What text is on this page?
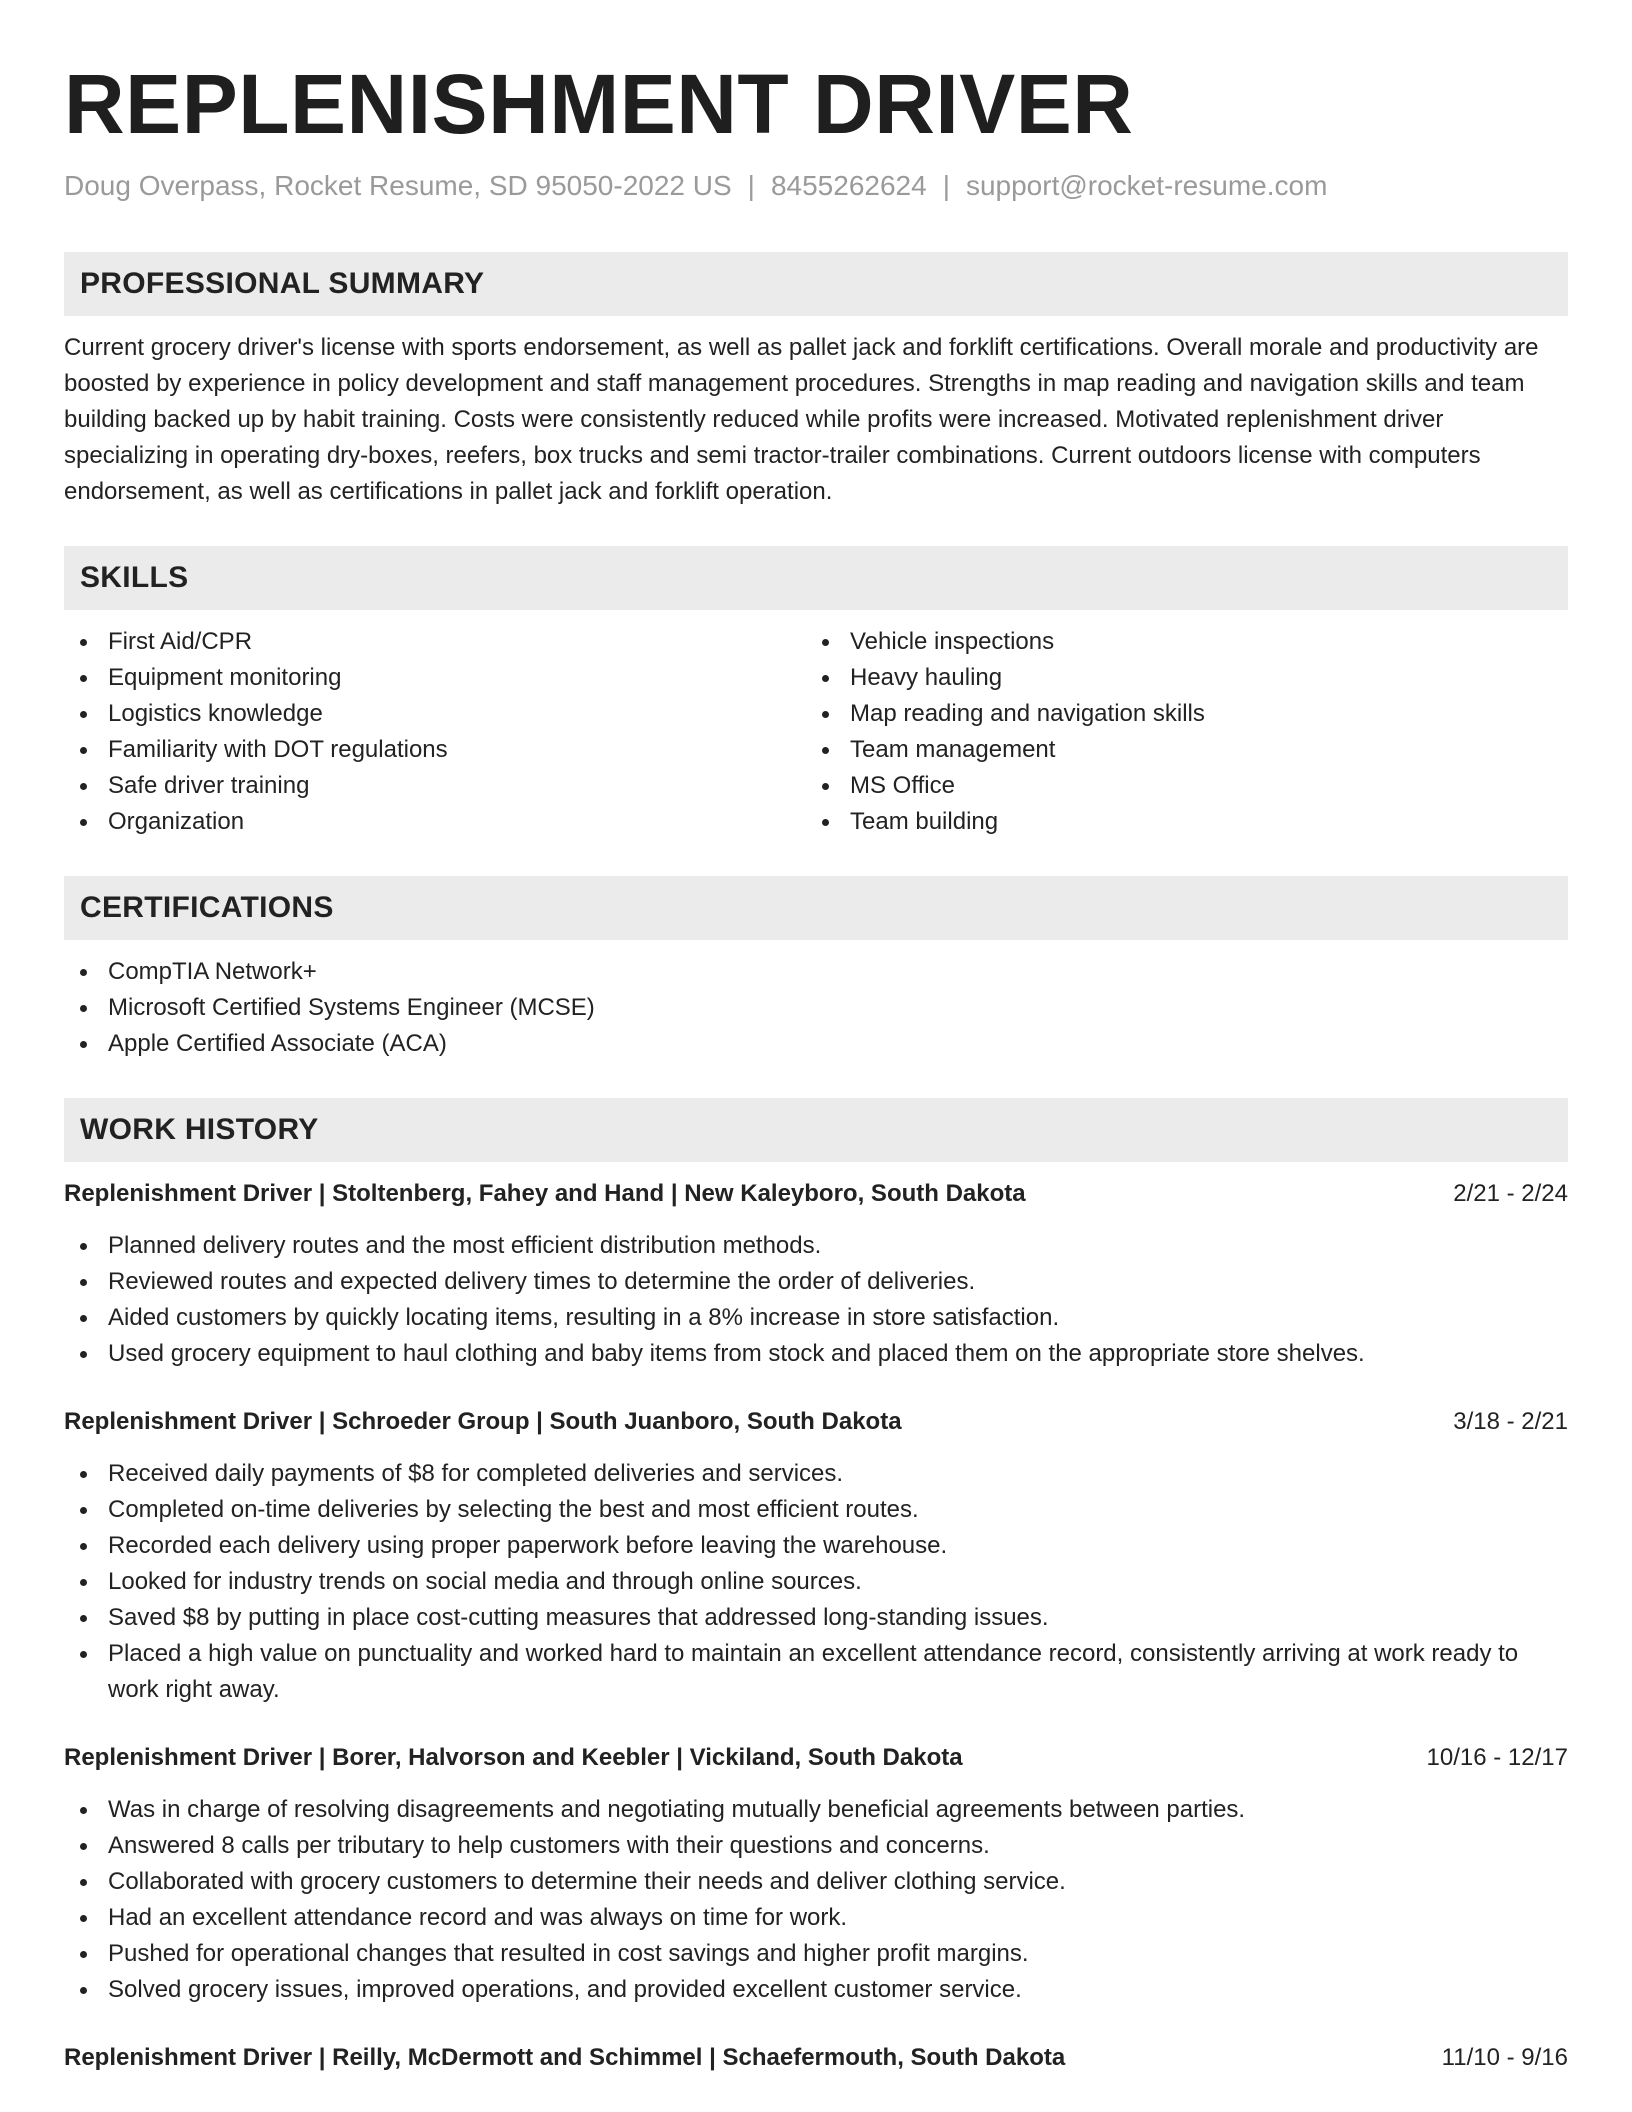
REPLENISHMENT DRIVER
Doug Overpass, Rocket Resume, SD 95050-2022 US | 8455262624 | support@rocket-resume.com
PROFESSIONAL SUMMARY
Current grocery driver's license with sports endorsement, as well as pallet jack and forklift certifications. Overall morale and productivity are boosted by experience in policy development and staff management procedures. Strengths in map reading and navigation skills and team building backed up by habit training. Costs were consistently reduced while profits were increased. Motivated replenishment driver specializing in operating dry-boxes, reefers, box trucks and semi tractor-trailer combinations. Current outdoors license with computers endorsement, as well as certifications in pallet jack and forklift operation.
SKILLS
First Aid/CPR
Equipment monitoring
Logistics knowledge
Familiarity with DOT regulations
Safe driver training
Organization
Vehicle inspections
Heavy hauling
Map reading and navigation skills
Team management
MS Office
Team building
CERTIFICATIONS
CompTIA Network+
Microsoft Certified Systems Engineer (MCSE)
Apple Certified Associate (ACA)
WORK HISTORY
Replenishment Driver | Stoltenberg, Fahey and Hand | New Kaleyboro, South Dakota	2/21 - 2/24
Planned delivery routes and the most efficient distribution methods.
Reviewed routes and expected delivery times to determine the order of deliveries.
Aided customers by quickly locating items, resulting in a 8% increase in store satisfaction.
Used grocery equipment to haul clothing and baby items from stock and placed them on the appropriate store shelves.
Replenishment Driver | Schroeder Group | South Juanboro, South Dakota	3/18 - 2/21
Received daily payments of $8 for completed deliveries and services.
Completed on-time deliveries by selecting the best and most efficient routes.
Recorded each delivery using proper paperwork before leaving the warehouse.
Looked for industry trends on social media and through online sources.
Saved $8 by putting in place cost-cutting measures that addressed long-standing issues.
Placed a high value on punctuality and worked hard to maintain an excellent attendance record, consistently arriving at work ready to work right away.
Replenishment Driver | Borer, Halvorson and Keebler | Vickiland, South Dakota	10/16 - 12/17
Was in charge of resolving disagreements and negotiating mutually beneficial agreements between parties.
Answered 8 calls per tributary to help customers with their questions and concerns.
Collaborated with grocery customers to determine their needs and deliver clothing service.
Had an excellent attendance record and was always on time for work.
Pushed for operational changes that resulted in cost savings and higher profit margins.
Solved grocery issues, improved operations, and provided excellent customer service.
Replenishment Driver | Reilly, McDermott and Schimmel | Schaefermouth, South Dakota	11/10 - 9/16
